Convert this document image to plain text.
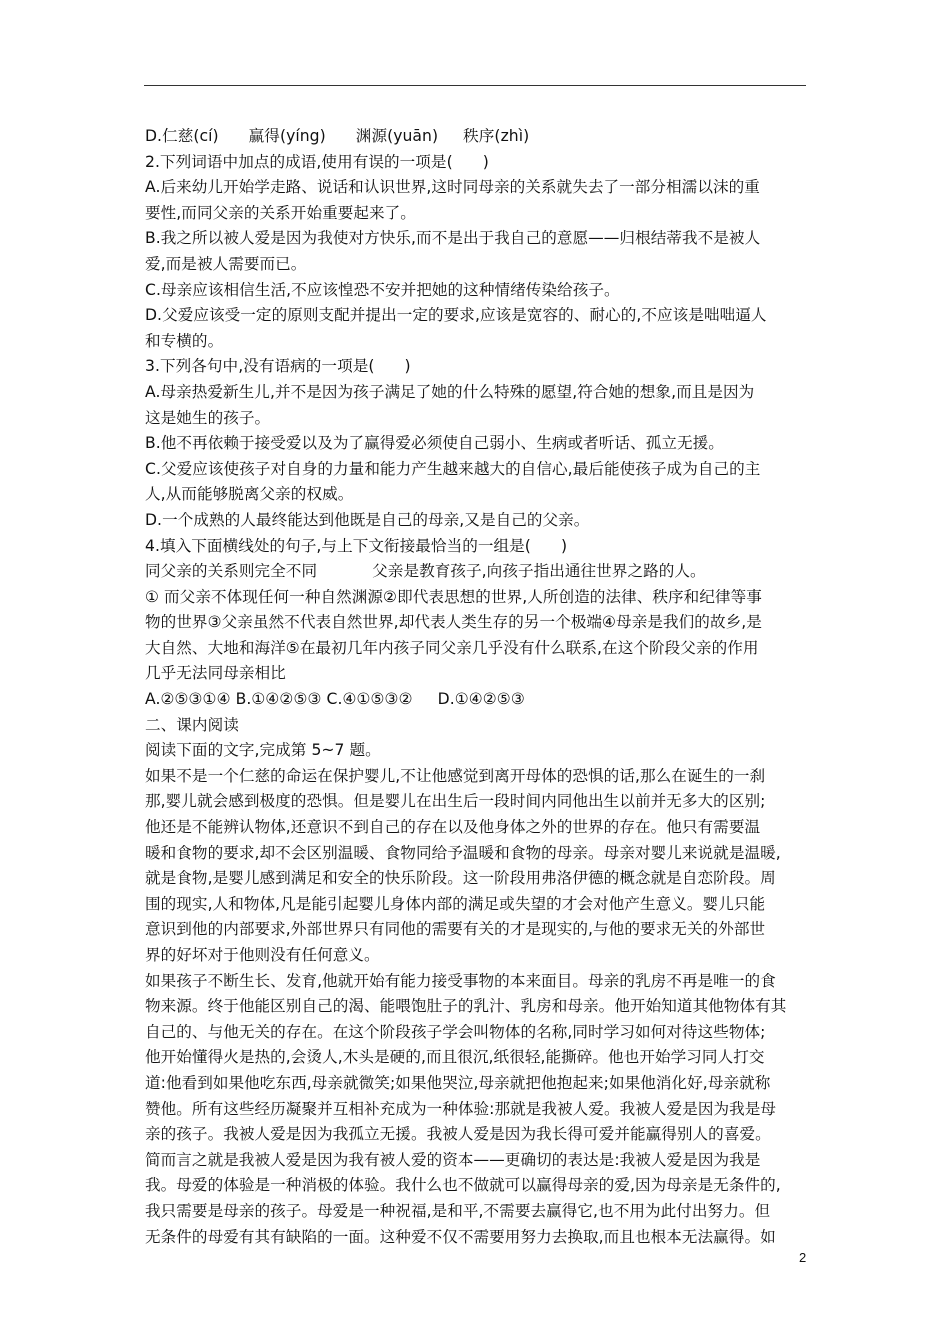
D.仁慈(cí)      赢得(yíng)      渊源(yuān)     秩序(zhì)
2.下列词语中加点的成语,使用有误的一项是(      )
A.后来幼儿开始学走路、说话和认识世界,这时同母亲的关系就失去了一部分相濡以沫的重
要性,而同父亲的关系开始重要起来了。
B.我之所以被人爱是因为我使对方快乐,而不是出于我自己的意愿——归根结蒂我不是被人
爱,而是被人需要而已。
C.母亲应该相信生活,不应该惶恐不安并把她的这种情绪传染给孩子。
D.父爱应该受一定的原则支配并提出一定的要求,应该是宽容的、耐心的,不应该是咄咄逼人
和专横的。
3.下列各句中,没有语病的一项是(      )
A.母亲热爱新生儿,并不是因为孩子满足了她的什么特殊的愿望,符合她的想象,而且是因为
这是她生的孩子。
B.他不再依赖于接受爱以及为了赢得爱必须使自己弱小、生病或者听话、孤立无援。
C.父爱应该使孩子对自身的力量和能力产生越来越大的自信心,最后能使孩子成为自己的主
人,从而能够脱离父亲的权威。
D.一个成熟的人最终能达到他既是自己的母亲,又是自己的父亲。
4.填入下面横线处的句子,与上下文衔接最恰当的一组是(      )
同父亲的关系则完全不同           父亲是教育孩子,向孩子指出通往世界之路的人。
① 而父亲不体现任何一种自然渊源②即代表思想的世界,人所创造的法律、秩序和纪律等事
物的世界③父亲虽然不代表自然世界,却代表人类生存的另一个极端④母亲是我们的故乡,是
大自然、大地和海洋⑤在最初几年内孩子同父亲几乎没有什么联系,在这个阶段父亲的作用
几乎无法同母亲相比
A.②⑤③①④ B.①④②⑤③ C.④①⑤③②     D.①④②⑤③
二、课内阅读
阅读下面的文字,完成第 5~7 题。
如果不是一个仁慈的命运在保护婴儿,不让他感觉到离开母体的恐惧的话,那么在诞生的一刹
那,婴儿就会感到极度的恐惧。但是婴儿在出生后一段时间内同他出生以前并无多大的区别;
他还是不能辨认物体,还意识不到自己的存在以及他身体之外的世界的存在。他只有需要温
暖和食物的要求,却不会区别温暖、食物同给予温暖和食物的母亲。母亲对婴儿来说就是温暖,
就是食物,是婴儿感到满足和安全的快乐阶段。这一阶段用弗洛伊德的概念就是自恋阶段。周
围的现实,人和物体,凡是能引起婴儿身体内部的满足或失望的才会对他产生意义。婴儿只能
意识到他的内部要求,外部世界只有同他的需要有关的才是现实的,与他的要求无关的外部世
界的好坏对于他则没有任何意义。
如果孩子不断生长、发育,他就开始有能力接受事物的本来面目。母亲的乳房不再是唯一的食
物来源。终于他能区别自己的渴、能喂饱肚子的乳汁、乳房和母亲。他开始知道其他物体有其
自己的、与他无关的存在。在这个阶段孩子学会叫物体的名称,同时学习如何对待这些物体;
他开始懂得火是热的,会烫人,木头是硬的,而且很沉,纸很轻,能撕碎。他也开始学习同人打交
道:他看到如果他吃东西,母亲就微笑;如果他哭泣,母亲就把他抱起来;如果他消化好,母亲就称
赞他。所有这些经历凝聚并互相补充成为一种体验:那就是我被人爱。我被人爱是因为我是母
亲的孩子。我被人爱是因为我孤立无援。我被人爱是因为我长得可爱并能赢得别人的喜爱。
简而言之就是我被人爱是因为我有被人爱的资本——更确切的表达是:我被人爱是因为我是
我。母爱的体验是一种消极的体验。我什么也不做就可以赢得母亲的爱,因为母亲是无条件的,
我只需要是母亲的孩子。母爱是一种祝福,是和平,不需要去赢得它,也不用为此付出努力。但
无条件的母爱有其有缺陷的一面。这种爱不仅不需要用努力去换取,而且也根本无法赢得。如
2
